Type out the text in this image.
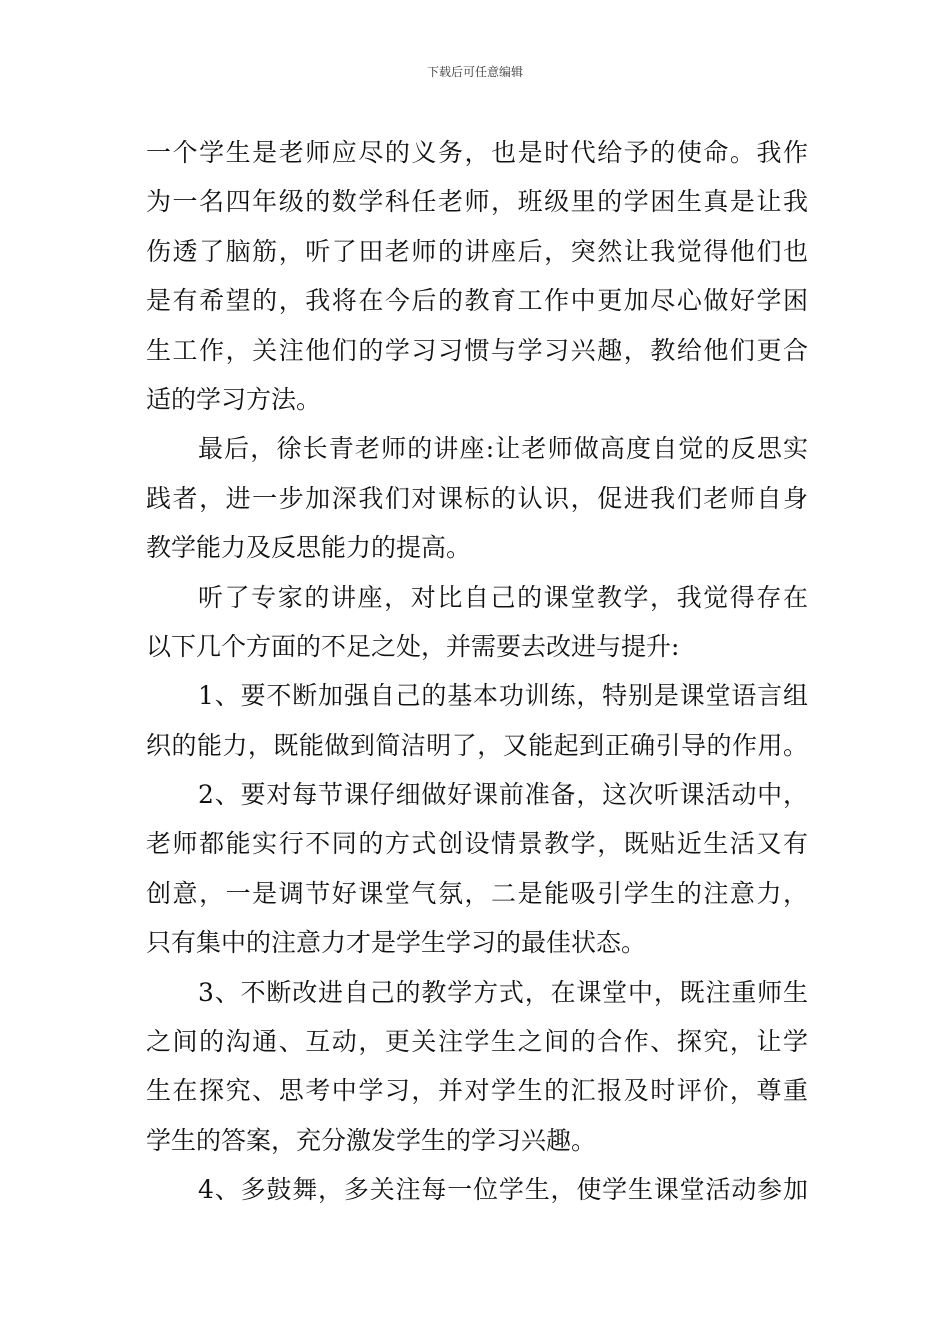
下载后可任意编辑
一个学生是老师应尽的义务，也是时代给予的使命。我作
为一名四年级的数学科任老师，班级里的学困生真是让我
伤透了脑筋，听了田老师的讲座后，突然让我觉得他们也
是有希望的，我将在今后的教育工作中更加尽心做好学困
生工作，关注他们的学习习惯与学习兴趣，教给他们更合
适的学习方法。
最后，徐长青老师的讲座:让老师做高度自觉的反思实
践者，进一步加深我们对课标的认识，促进我们老师自身
教学能力及反思能力的提高。
听了专家的讲座，对比自己的课堂教学，我觉得存在
以下几个方面的不足之处，并需要去改进与提升:
1、要不断加强自己的基本功训练，特别是课堂语言组
织的能力，既能做到简洁明了，又能起到正确引导的作用。
2、要对每节课仔细做好课前准备，这次听课活动中，
老师都能实行不同的方式创设情景教学，既贴近生活又有
创意，一是调节好课堂气氛，二是能吸引学生的注意力，
只有集中的注意力才是学生学习的最佳状态。
3、不断改进自己的教学方式，在课堂中，既注重师生
之间的沟通、互动，更关注学生之间的合作、探究，让学
生在探究、思考中学习，并对学生的汇报及时评价，尊重
学生的答案，充分激发学生的学习兴趣。
4、多鼓舞，多关注每一位学生，使学生课堂活动参加
